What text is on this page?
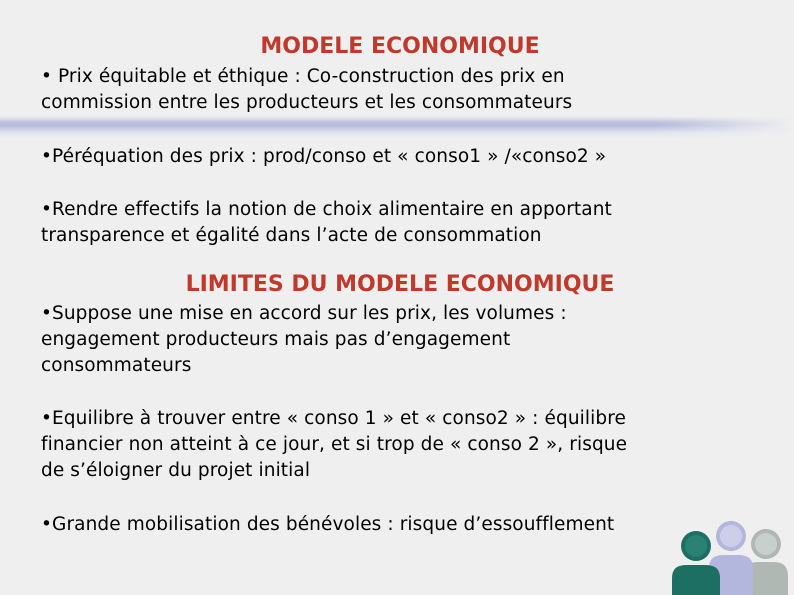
MODELE ECONOMIQUE

• Prix équitable et éthique : Co-construction des prix en
commission entre les producteurs et les consommateurs

•Péréquation des prix : prod/conso et « conso1 » /«conso2 »

•Rendre effectifs la notion de choix alimentaire en apportant
transparence et égalité dans l’acte de consommation

LIMITES DU MODELE ECONOMIQUE

•Suppose une mise en accord sur les prix, les volumes :
engagement producteurs mais pas d’engagement
consommateurs

•Equilibre à trouver entre « conso 1 » et « conso2 » : équilibre
financier non atteint à ce jour, et si trop de « conso 2 », risque
de s’éloigner du projet initial

•Grande mobilisation des bénévoles : risque d’essoufflement
